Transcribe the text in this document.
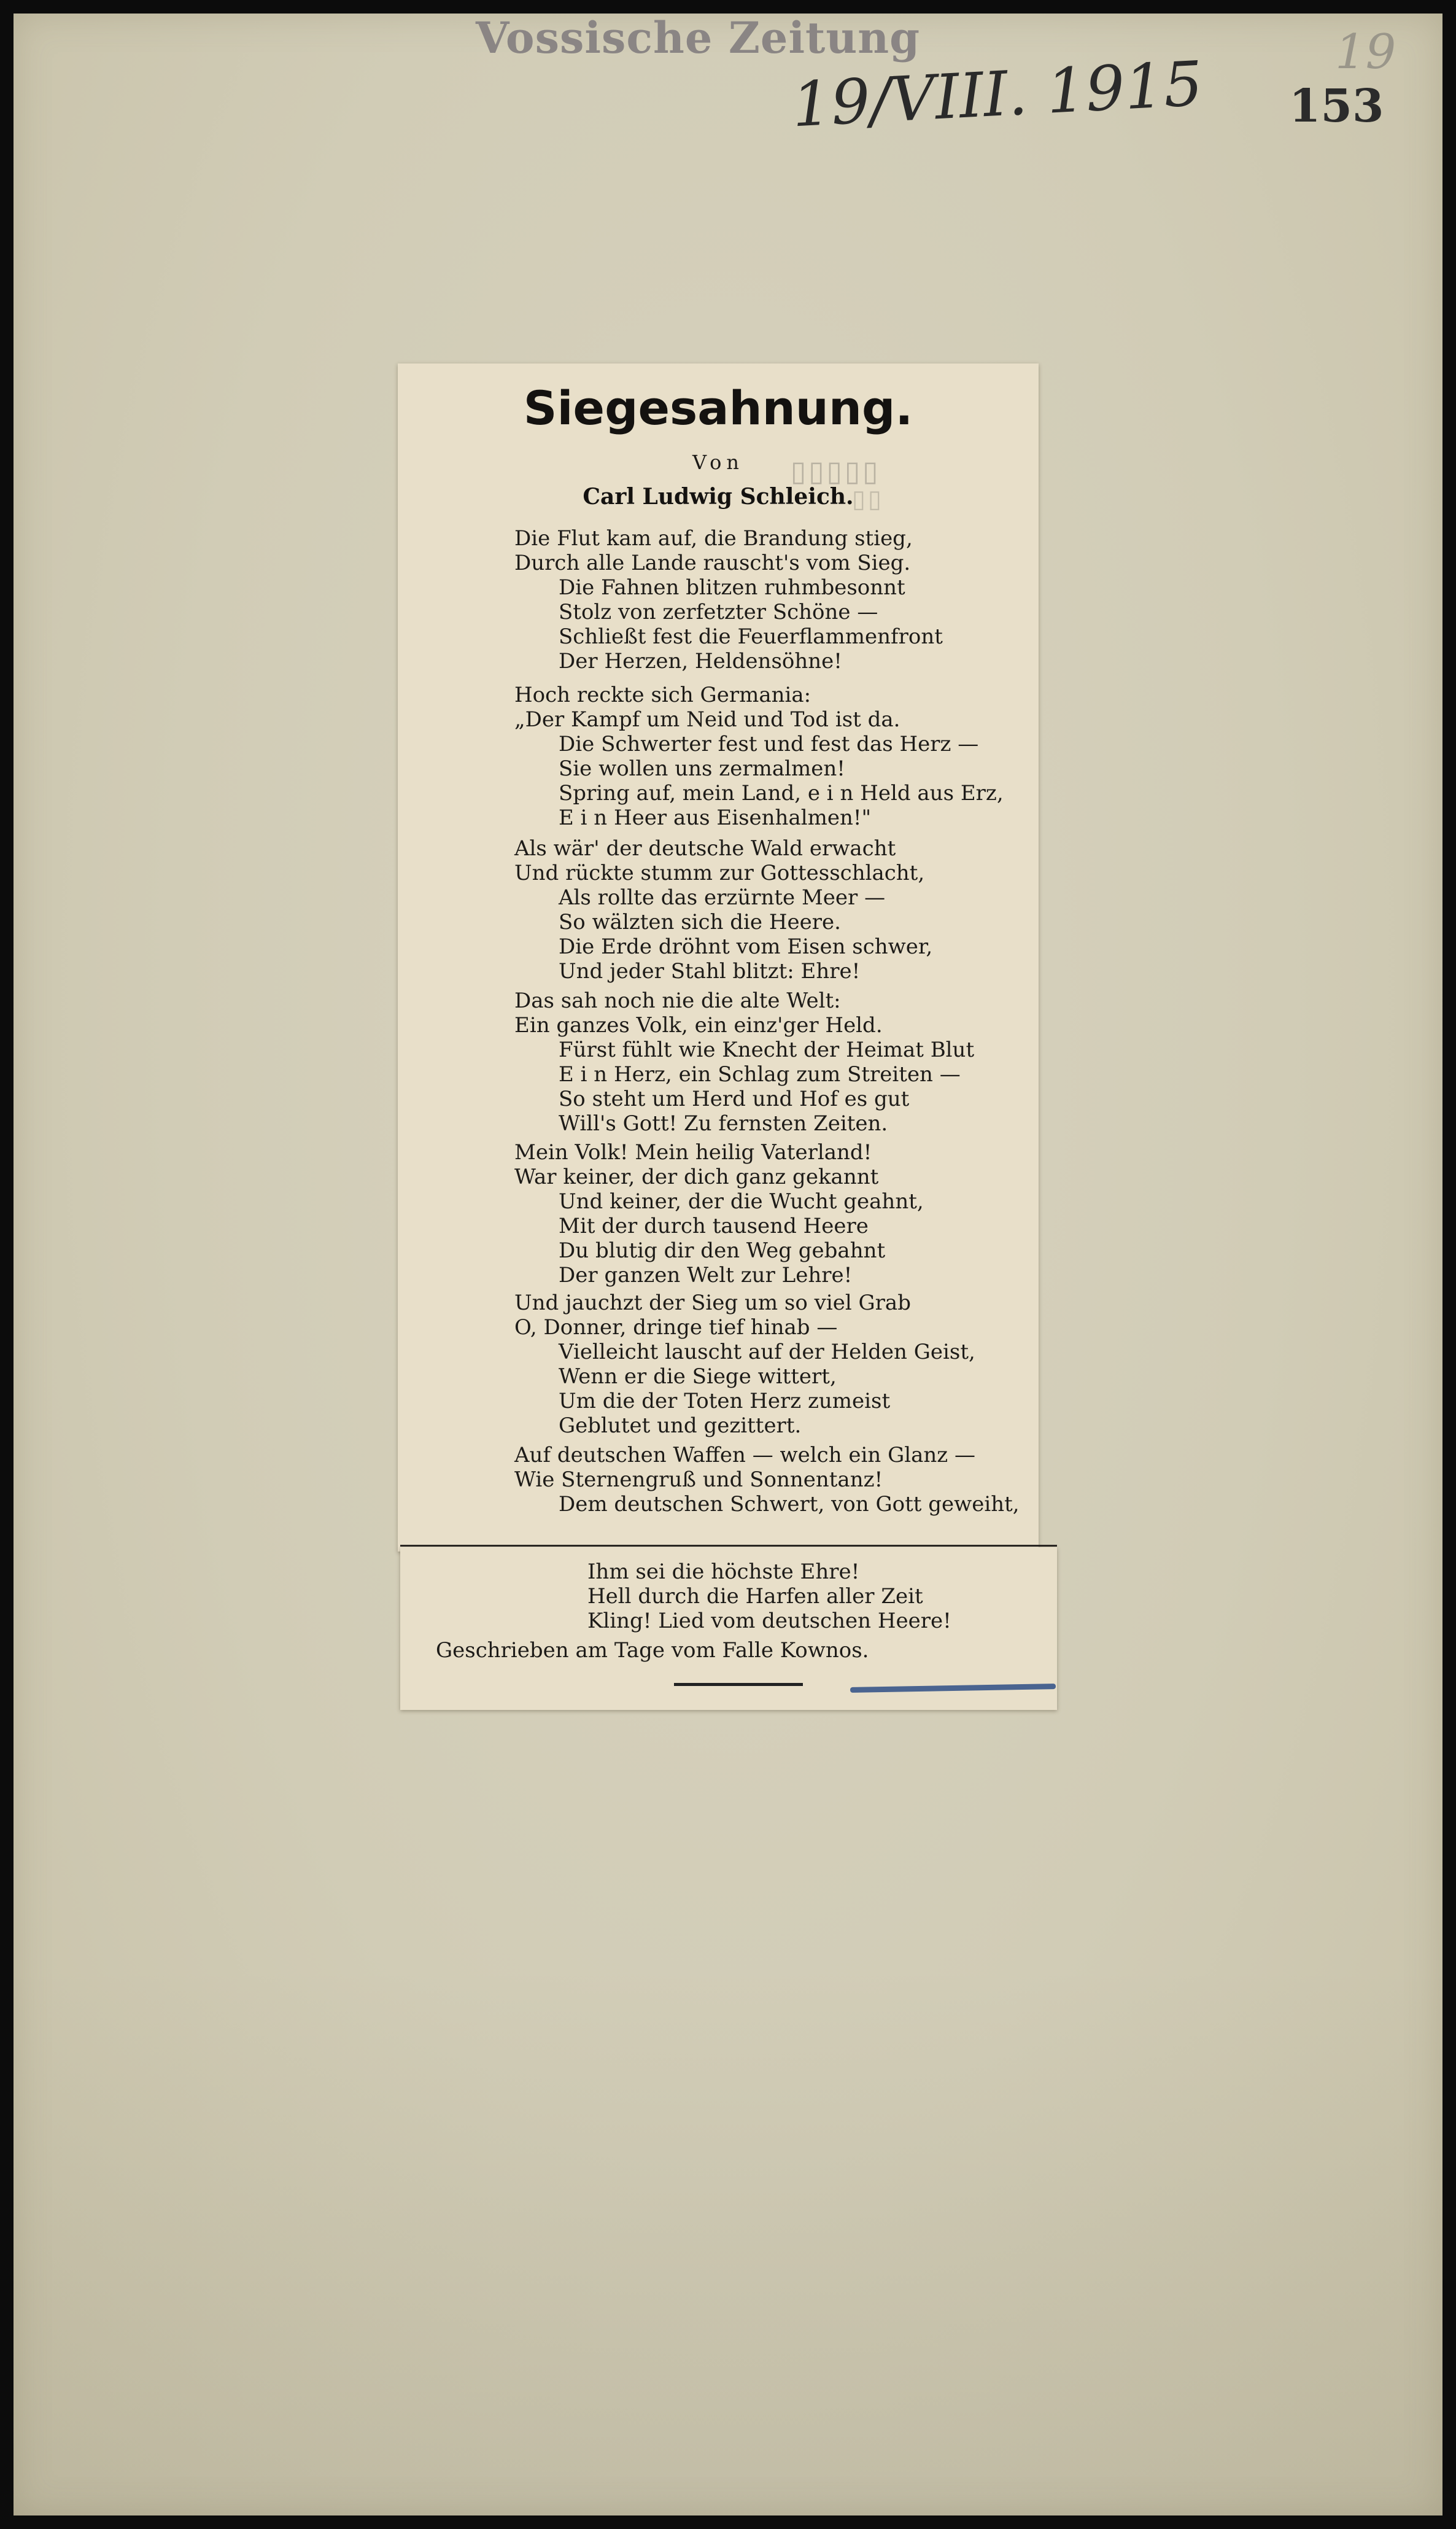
Vossische Zeitung
19/VIII. 1915	19
153
Siegesahnung.
Von
Carl Ludwig Schleich.
▯▯▯▯▯
▯▯
Die Flut kam auf, die Brandung stieg,
Durch alle Lande rauscht's vom Sieg.
Die Fahnen blitzen ruhmbesonnt
Stolz von zerfetzter Schöne —
Schließt fest die Feuerflammenfront
Der Herzen, Heldensöhne!
Hoch reckte sich Germania:
„Der Kampf um Neid und Tod ist da.
Die Schwerter fest und fest das Herz —
Sie wollen uns zermalmen!
Spring auf, mein Land, e i n Held aus Erz,
E i n Heer aus Eisenhalmen!"
Als wär' der deutsche Wald erwacht
Und rückte stumm zur Gottesschlacht,
Als rollte das erzürnte Meer —
So wälzten sich die Heere.
Die Erde dröhnt vom Eisen schwer,
Und jeder Stahl blitzt: Ehre!
Das sah noch nie die alte Welt:
Ein ganzes Volk, ein einz'ger Held.
Fürst fühlt wie Knecht der Heimat Blut
E i n Herz, ein Schlag zum Streiten —
So steht um Herd und Hof es gut
Will's Gott! Zu fernsten Zeiten.
Mein Volk! Mein heilig Vaterland!
War keiner, der dich ganz gekannt
Und keiner, der die Wucht geahnt,
Mit der durch tausend Heere
Du blutig dir den Weg gebahnt
Der ganzen Welt zur Lehre!
Und jauchzt der Sieg um so viel Grab
O, Donner, dringe tief hinab —
Vielleicht lauscht auf der Helden Geist,
Wenn er die Siege wittert,
Um die der Toten Herz zumeist
Geblutet und gezittert.
Auf deutschen Waffen — welch ein Glanz —
Wie Sternengruß und Sonnentanz!
Dem deutschen Schwert, von Gott geweiht,
Ihm sei die höchste Ehre!
Hell durch die Harfen aller Zeit
Kling! Lied vom deutschen Heere!
Geschrieben am Tage vom Falle Kownos.
